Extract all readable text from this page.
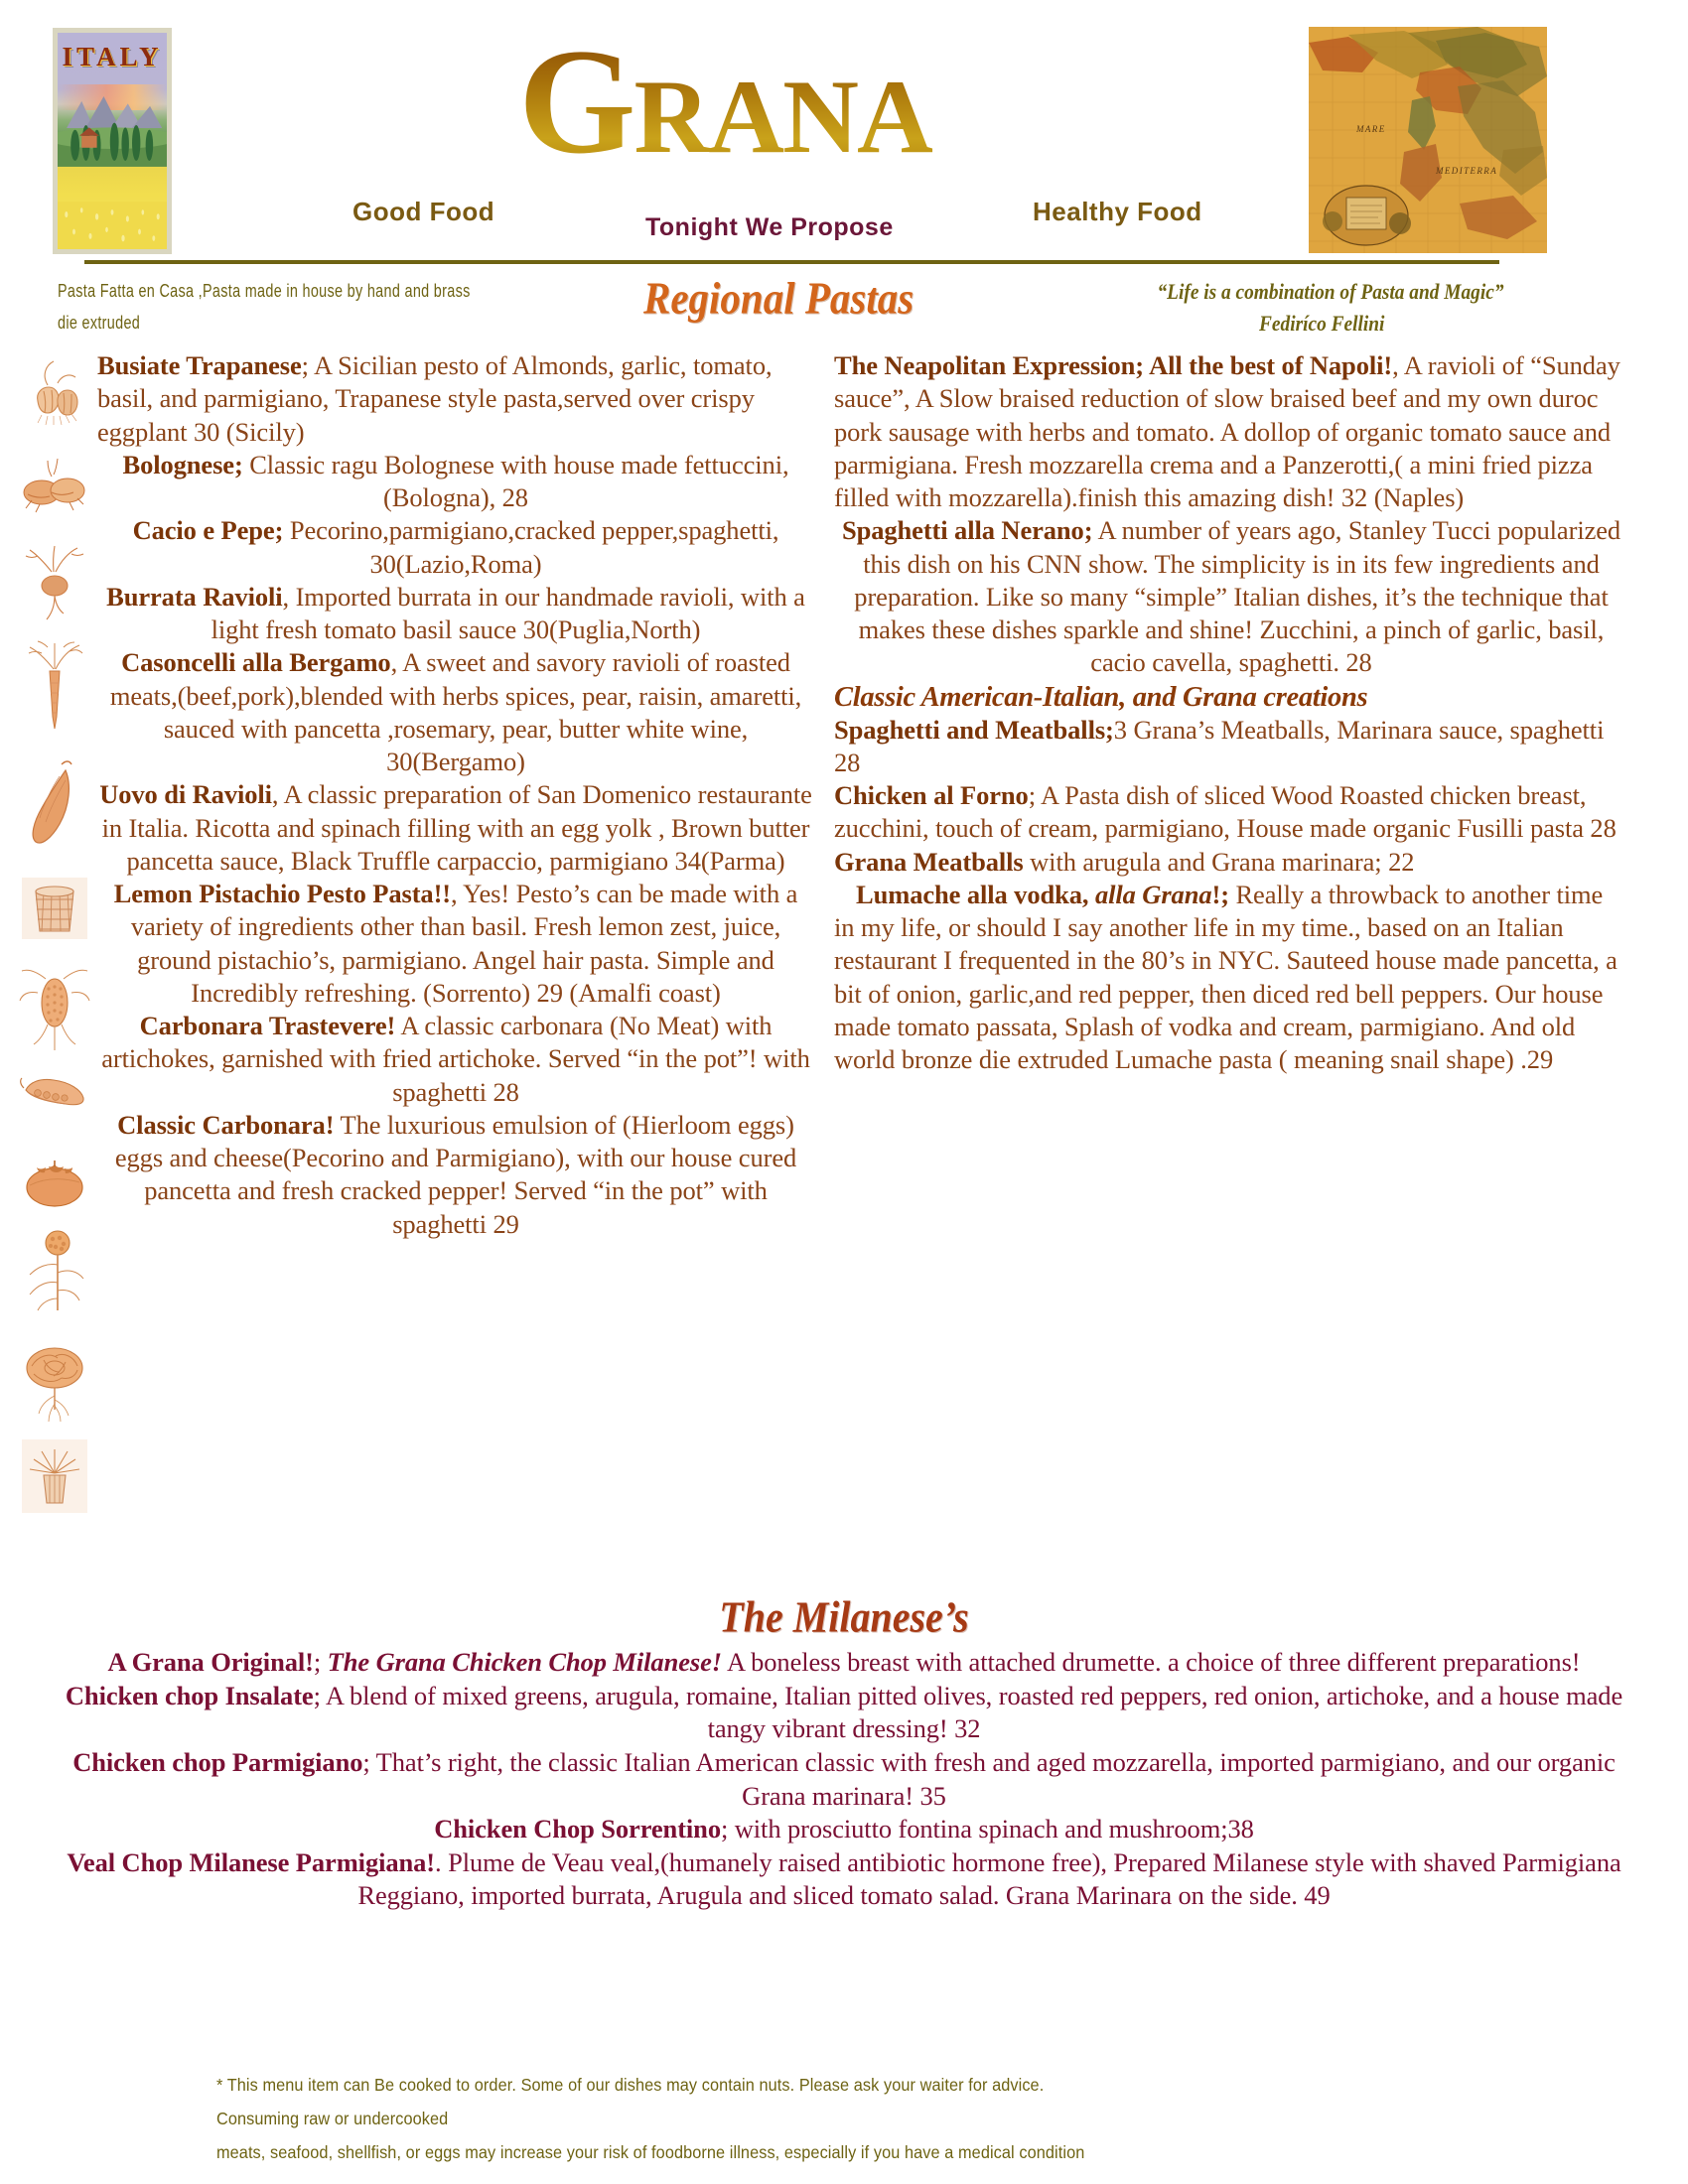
ITALY	GRANA
Good Food
Tonight We Propose
Healthy Food
MARE
MEDITERRA
Pasta Fatta en Casa ,Pasta made in house by hand and brass die extruded	Regional Pastas	“Life is a combination of Pasta and Magic”
Fediríco Fellini

Busiate Trapanese; A Sicilian pesto of Almonds, garlic, tomato, basil, and parmigiano, Trapanese style pasta,served over crispy eggplant 30 (Sicily)

Bolognese; Classic ragu Bolognese with house made fettuccini, (Bologna), 28

Cacio e Pepe; Pecorino,parmigiano,cracked pepper,spaghetti, 30(Lazio,Roma)

Burrata Ravioli, Imported burrata in our handmade ravioli, with a light fresh tomato basil sauce 30(Puglia,North)

Casoncelli alla Bergamo, A sweet and savory ravioli of roasted meats,(beef,pork),blended with herbs spices, pear, raisin, amaretti, sauced with pancetta ,rosemary, pear, butter white wine, 30(Bergamo)

Uovo di Ravioli, A classic preparation of San Domenico restaurante in Italia. Ricotta and spinach filling with an egg yolk , Brown butter pancetta sauce, Black Truffle carpaccio, parmigiano 34(Parma)

Lemon Pistachio Pesto Pasta!!, Yes! Pesto’s can be made with a variety of ingredients other than basil. Fresh lemon zest, juice, ground pistachio’s, parmigiano. Angel hair pasta. Simple and Incredibly refreshing. (Sorrento) 29 (Amalfi coast)

Carbonara Trastevere! A classic carbonara (No Meat) with artichokes, garnished with fried artichoke. Served “in the pot”! with spaghetti 28

Classic Carbonara! The luxurious emulsion of (Hierloom eggs) eggs and cheese(Pecorino and Parmigiano), with our house cured pancetta and fresh cracked pepper! Served “in the pot” with spaghetti 29

The Neapolitan Expression; All the best of Napoli!, A ravioli of “Sunday sauce”, A Slow braised reduction of slow braised beef and my own duroc pork sausage with herbs and tomato. A dollop of organic tomato sauce and parmigiana. Fresh mozzarella crema and a Panzerotti,( a mini fried pizza filled with mozzarella).finish this amazing dish! 32 (Naples)

Spaghetti alla Nerano; A number of years ago, Stanley Tucci popularized this dish on his CNN show. The simplicity is in its few ingredients and preparation. Like so many “simple” Italian dishes, it’s the technique that makes these dishes sparkle and shine! Zucchini, a pinch of garlic, basil, cacio cavella, spaghetti. 28

Classic American-Italian, and Grana creations

Spaghetti and Meatballs;3 Grana’s Meatballs, Marinara sauce, spaghetti 28

Chicken al Forno; A Pasta dish of sliced Wood Roasted chicken breast, zucchini, touch of cream, parmigiano, House made organic Fusilli pasta 28

Grana Meatballs with arugula and Grana marinara; 22

Lumache alla vodka, alla Grana!; Really a throwback to another time in my life, or should I say another life in my time., based on an Italian restaurant I frequented in the 80’s in NYC. Sauteed house made pancetta, a bit of onion, garlic,and red pepper, then diced red bell peppers. Our house made tomato passata, Splash of vodka and cream, parmigiano. And old world bronze die extruded Lumache pasta ( meaning snail shape) .29

The Milanese’s

A Grana Original!; The Grana Chicken Chop Milanese! A boneless breast with attached drumette. a choice of three different preparations!

Chicken chop Insalate; A blend of mixed greens, arugula, romaine, Italian pitted olives, roasted red peppers, red onion, artichoke, and a house made tangy vibrant dressing! 32

Chicken chop Parmigiano; That’s right, the classic Italian American classic with fresh and aged mozzarella, imported parmigiano, and our organic Grana marinara! 35

Chicken Chop Sorrentino; with prosciutto fontina spinach and mushroom;38

Veal Chop Milanese Parmigiana!. Plume de Veau veal,(humanely raised antibiotic hormone free), Prepared Milanese style with shaved Parmigiana Reggiano, imported burrata, Arugula and sliced tomato salad. Grana Marinara on the side. 49

* This menu item can Be cooked to order. Some of our dishes may contain nuts. Please ask your waiter for advice.
Consuming raw or undercooked
meats, seafood, shellfish, or eggs may increase your risk of foodborne illness, especially if you have a medical condition
